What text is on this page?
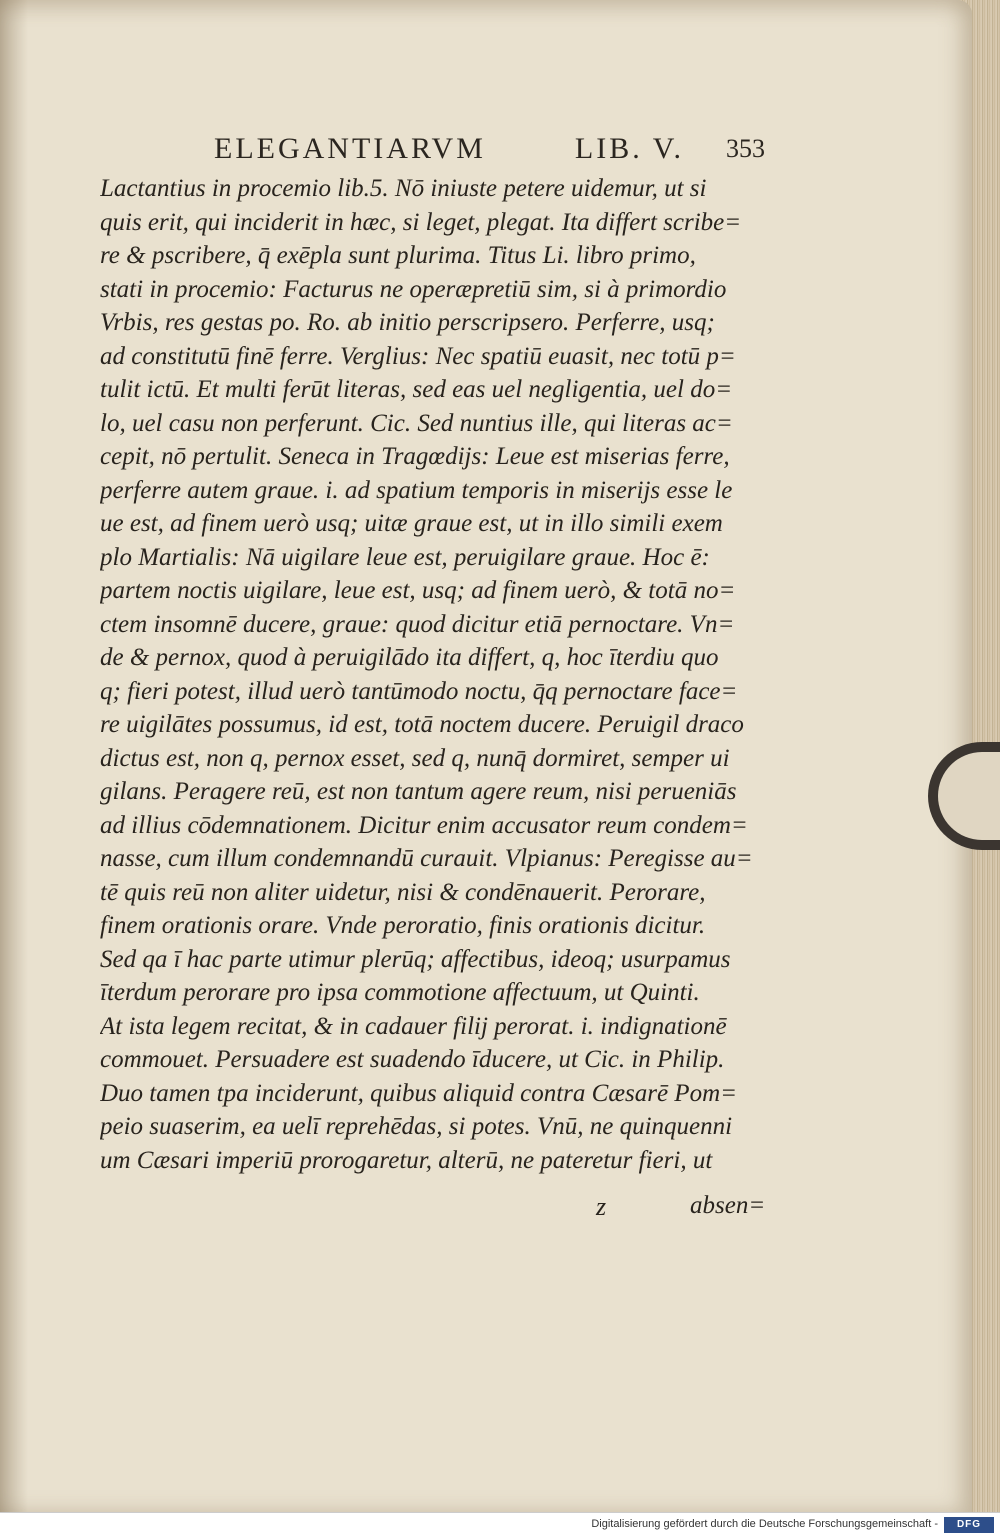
ELEGANTIARVM	LIB. V. 353
Lactantius in procemio lib.5. Nō iniuste petere uidemur, ut si
quis erit, qui inciderit in hæc, si leget, plegat. Ita differt scribe=
re & pscribere, q̄ exēpla sunt plurima. Titus Li. libro primo,
stati in procemio: Facturus ne operæpretiū sim, si à primordio
Vrbis, res gestas po. Ro. ab initio perscripsero. Perferre, usq;
ad constitutū finē ferre. Verglius: Nec spatiū euasit, nec totū p=
tulit ictū. Et multi ferūt literas, sed eas uel negligentia, uel do=
lo, uel casu non perferunt. Cic. Sed nuntius ille, qui literas ac=
cepit, nō pertulit. Seneca in Tragœdijs: Leue est miserias ferre,
perferre autem graue. i. ad spatium temporis in miserijs esse le
ue est, ad finem uerò usq; uitæ graue est, ut in illo simili exem
plo Martialis: Nā uigilare leue est, peruigilare graue. Hoc ē:
partem noctis uigilare, leue est, usq; ad finem uerò, & totā no=
ctem insomnē ducere, graue: quod dicitur etiā pernoctare. Vn=
de & pernox, quod à peruigilādo ita differt, q, hoc īterdiu quo
q; fieri potest, illud uerò tantūmodo noctu, q̄q pernoctare face=
re uigilātes possumus, id est, totā noctem ducere. Peruigil draco
dictus est, non q, pernox esset, sed q, nunq̄ dormiret, semper ui
gilans. Peragere reū, est non tantum agere reum, nisi perueniās
ad illius cōdemnationem. Dicitur enim accusator reum condem=
nasse, cum illum condemnandū curauit. Vlpianus: Peregisse au=
tē quis reū non aliter uidetur, nisi & condēnauerit. Perorare,
finem orationis orare. Vnde peroratio, finis orationis dicitur.
Sed qa ī hac parte utimur plerūq; affectibus, ideoq; usurpamus
īterdum perorare pro ipsa commotione affectuum, ut Quinti.
At ista legem recitat, & in cadauer filij perorat. i. indignationē
commouet. Persuadere est suadendo īducere, ut Cic. in Philip.
Duo tamen tpa inciderunt, quibus aliquid contra Cæsarē Pom=
peio suaserim, ea uelī reprehēdas, si potes. Vnū, ne quinquenni
um Cæsari imperiū prorogaretur, alterū, ne pateretur fieri, ut
z	absen=
Digitalisierung gefördert durch die Deutsche Forschungsgemeinschaft -	DFG
